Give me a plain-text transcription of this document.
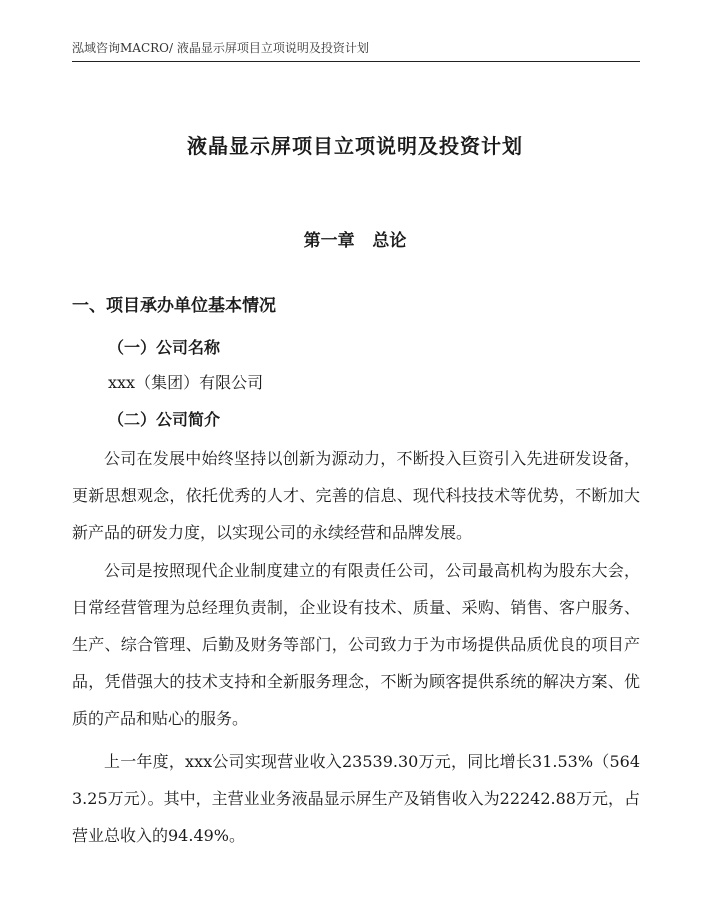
泓域咨询MACRO/ 液晶显示屏项目立项说明及投资计划
液晶显示屏项目立项说明及投资计划
第一章   总论
一、项目承办单位基本情况
（一）公司名称
xxx（集团）有限公司
（二）公司简介

公司在发展中始终坚持以创新为源动力，不断投入巨资引入先进研发设备，更新思想观念，依托优秀的人才、完善的信息、现代科技技术等优势，不断加大新产品的研发力度，以实现公司的永续经营和品牌发展。

公司是按照现代企业制度建立的有限责任公司，公司最高机构为股东大会，日常经营管理为总经理负责制，企业设有技术、质量、采购、销售、客户服务、生产、综合管理、后勤及财务等部门，公司致力于为市场提供品质优良的项目产品，凭借强大的技术支持和全新服务理念，不断为顾客提供系统的解决方案、优质的产品和贴心的服务。

上一年度，xxx公司实现营业收入23539.30万元，同比增长31.53%（5643.25万元）。其中，主营业业务液晶显示屏生产及销售收入为22242.88万元，占营业总收入的94.49%。
